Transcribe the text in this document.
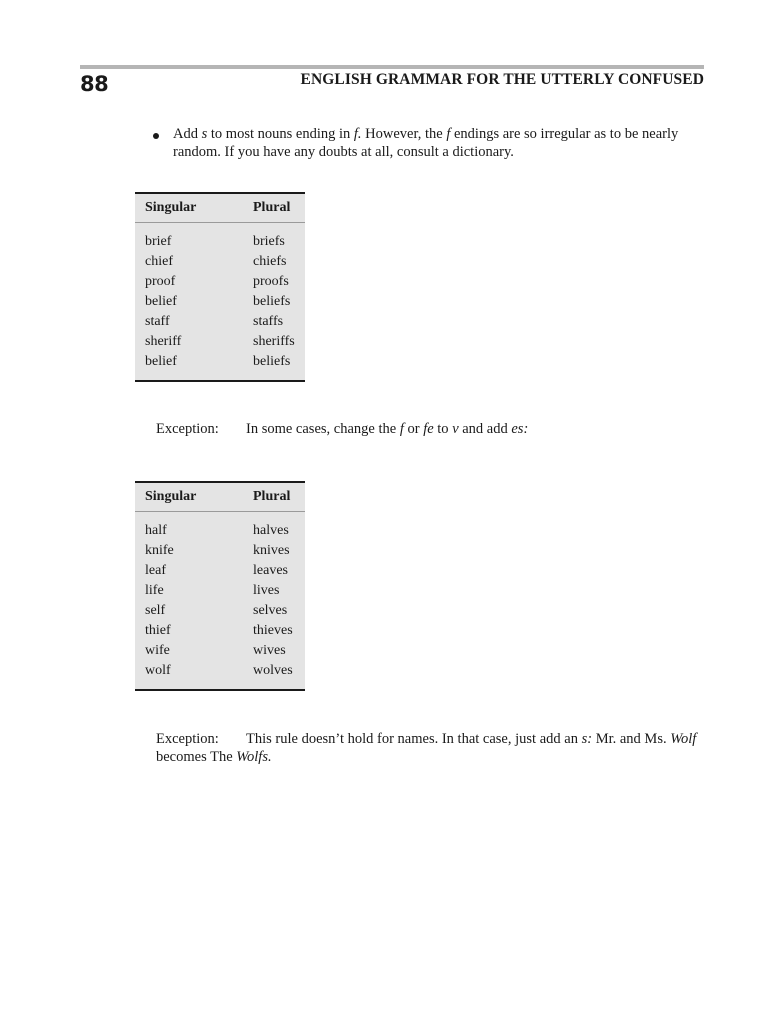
88	ENGLISH GRAMMAR FOR THE UTTERLY CONFUSED
Add s to most nouns ending in f. However, the f endings are so irregular as to be nearly random. If you have any doubts at all, consult a dictionary.
Singular	Plural
brief	briefs
chief	chiefs
proof	proofs
belief	beliefs
staff	staffs
sheriff	sheriffs
belief	beliefs
Exception: In some cases, change the f or fe to v and add es:
Singular	Plural
half	halves
knife	knives
leaf	leaves
life	lives
self	selves
thief	thieves
wife	wives
wolf	wolves
Exception: This rule doesn’t hold for names. In that case, just add an s: Mr. and Ms. Wolf becomes The Wolfs.
